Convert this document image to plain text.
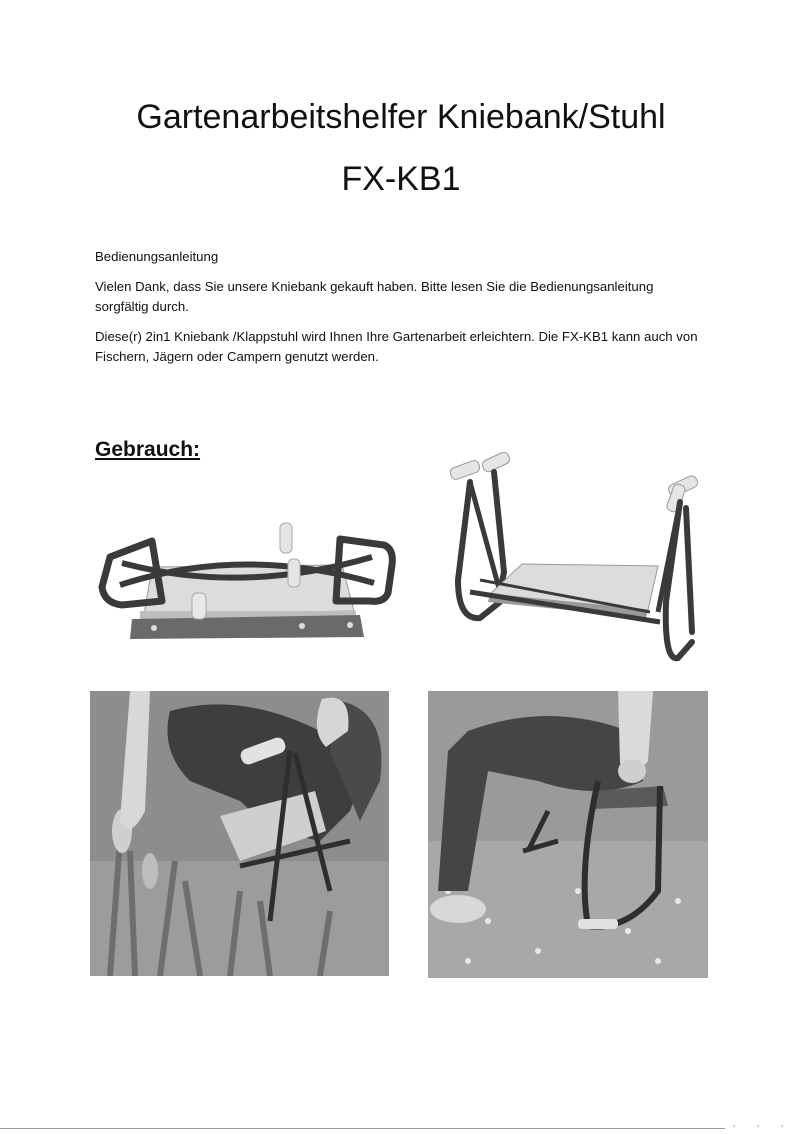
Gartenarbeitshelfer Kniebank/Stuhl
FX-KB1

Bedienungsanleitung

Vielen Dank, dass Sie unsere Kniebank gekauft haben. Bitte lesen Sie die Bedienungsanleitung sorgfältig durch.

Diese(r) 2in1 Kniebank /Klappstuhl wird Ihnen Ihre Gartenarbeit erleichtern. Die FX-KB1 kann auch von Fischern, Jägern oder Campern genutzt werden.

Gebrauch:
